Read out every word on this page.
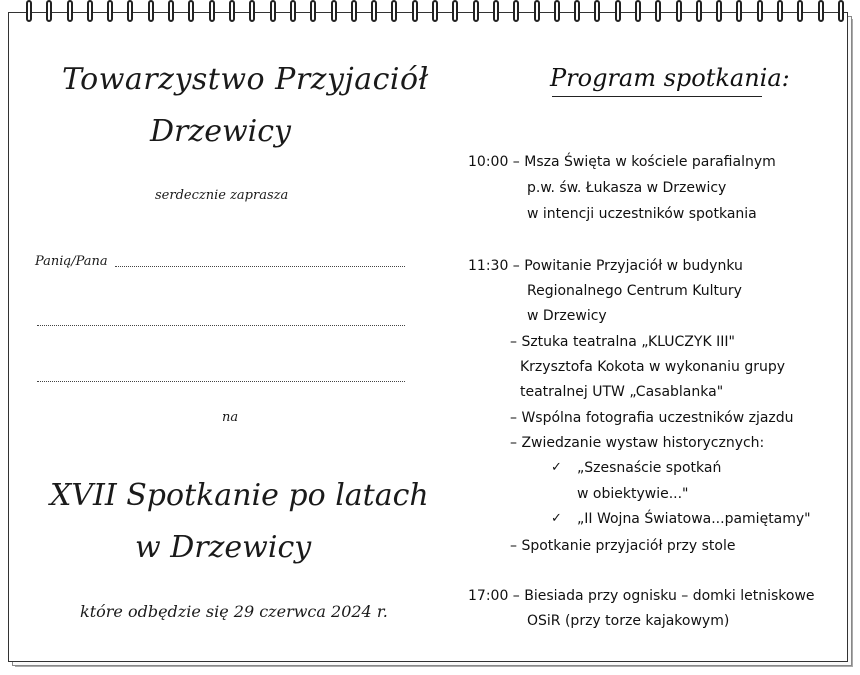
Towarzystwo Przyjaciół
Drzewicy
serdecznie zaprasza
Panią/Pana
na
XVII Spotkanie po latach
w Drzewicy
które odbędzie się 29 czerwca 2024 r.
Program spotkania:
10:00 – Msza Święta w kościele parafialnym
p.w. św. Łukasza w Drzewicy
w intencji uczestników spotkania
11:30 – Powitanie Przyjaciół w budynku
Regionalnego Centrum Kultury
w Drzewicy
– Sztuka teatralna „KLUCZYK III"
Krzysztofa Kokota w wykonaniu grupy
teatralnej UTW „Casablanka"
– Wspólna fotografia uczestników zjazdu
– Zwiedzanie wystaw historycznych:
✓ „Szesnaście spotkań
w obiektywie..."
✓ „II Wojna Światowa...pamiętamy"
– Spotkanie przyjaciół przy stole
17:00 – Biesiada przy ognisku – domki letniskowe
OSiR (przy torze kajakowym)
